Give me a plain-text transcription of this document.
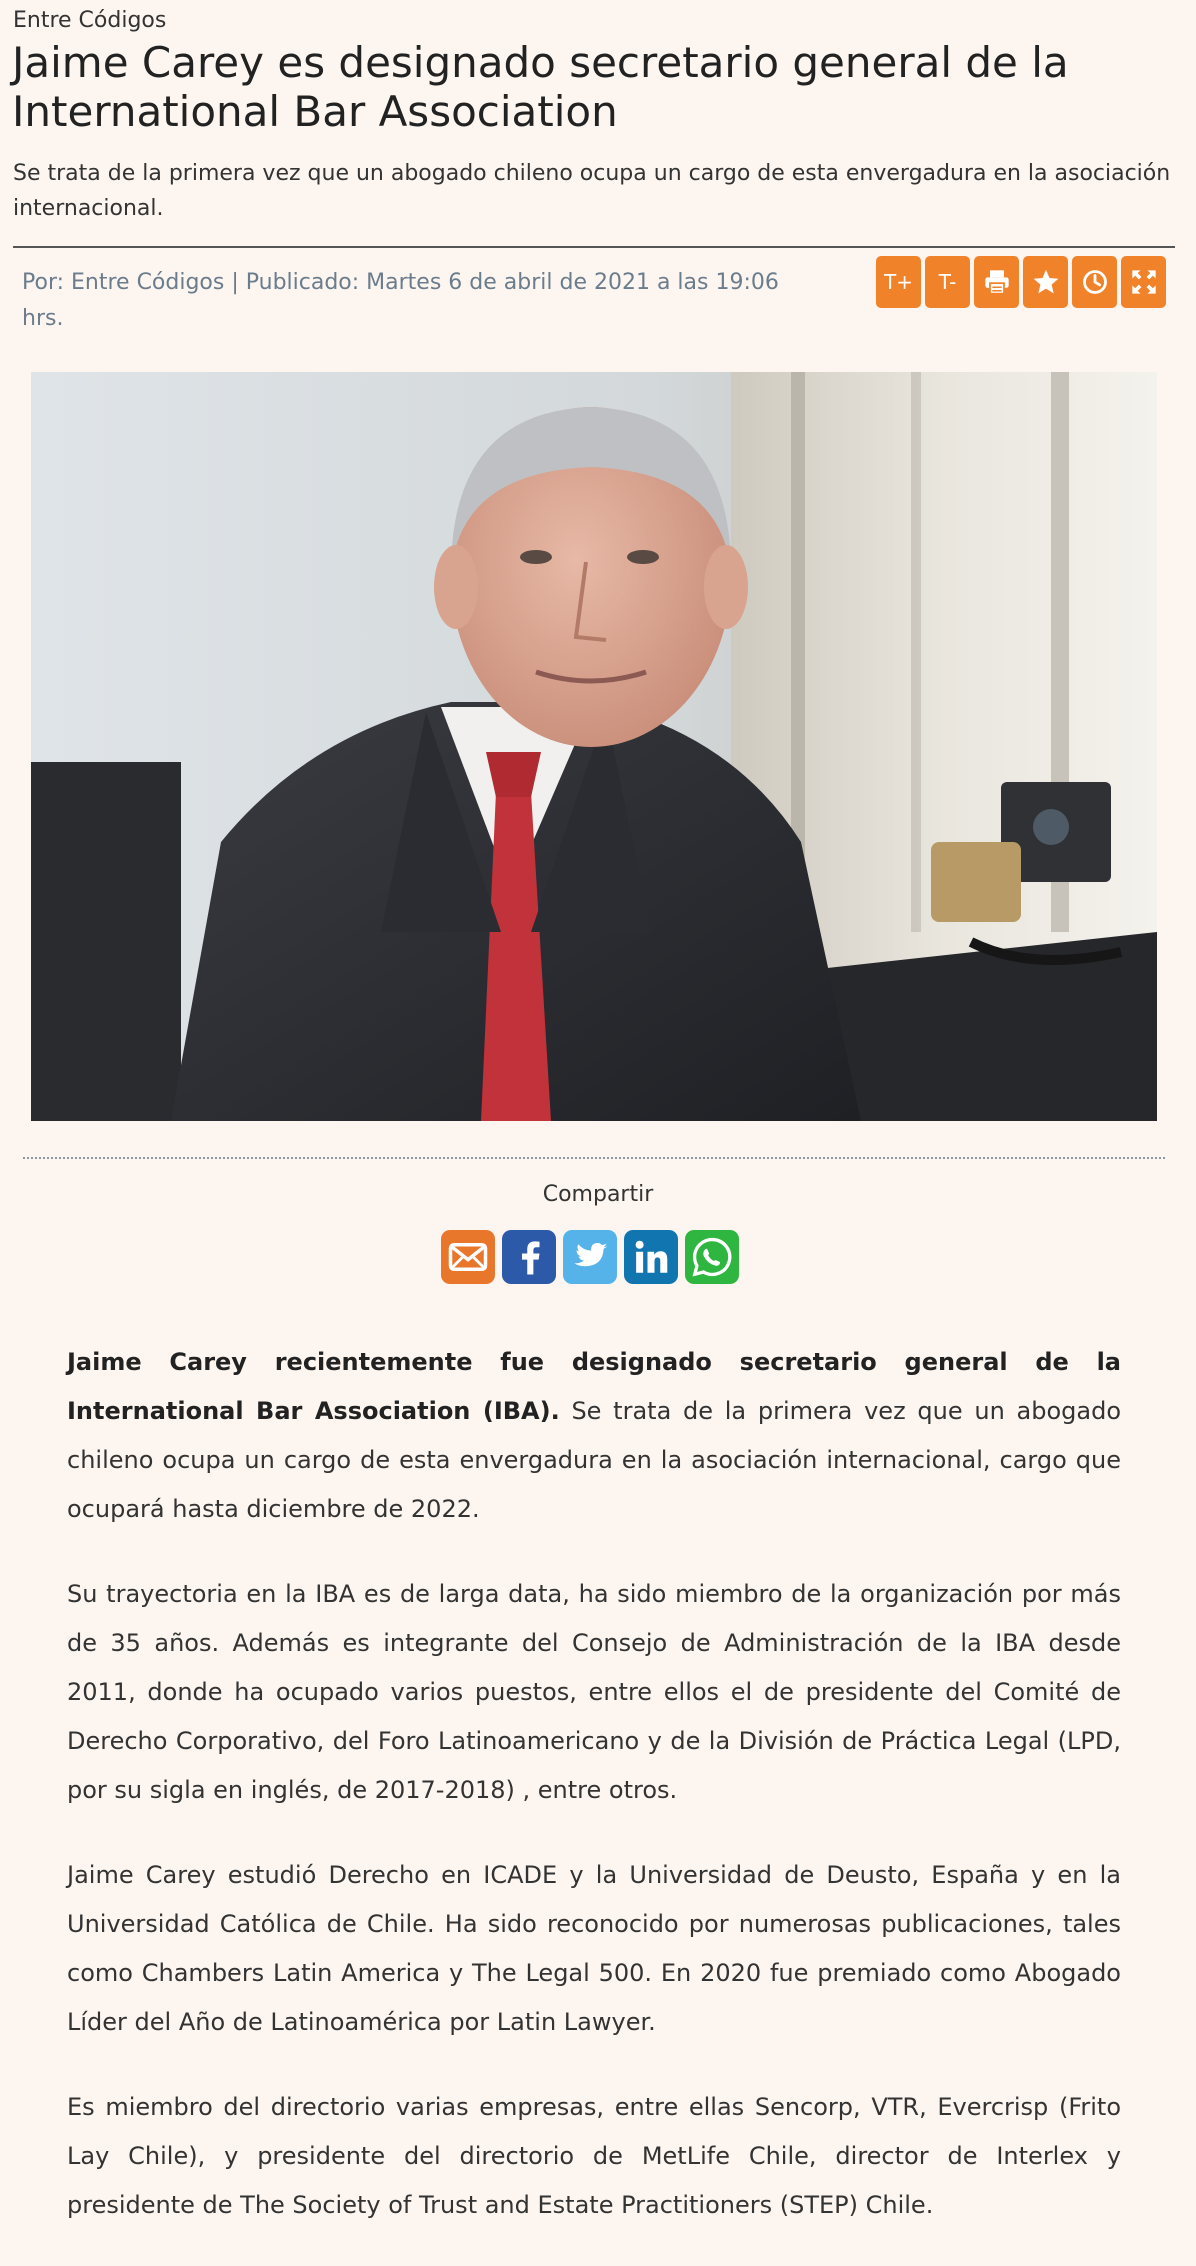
Entre Códigos
Jaime Carey es designado secretario general de la International Bar Association

Se trata de la primera vez que un abogado chileno ocupa un cargo de esta envergadura en la asociación internacional.

Por: Entre Códigos | Publicado: Martes 6 de abril de 2021 a las 19:06 hrs.
T+	T-
Compartir

Jaime Carey recientemente fue designado secretario general de la International Bar Association (IBA). Se trata de la primera vez que un abogado chileno ocupa un cargo de esta envergadura en la asociación internacional, cargo que ocupará hasta diciembre de 2022.

Su trayectoria en la IBA es de larga data, ha sido miembro de la organización por más de 35 años. Además es integrante del Consejo de Administración de la IBA desde 2011, donde ha ocupado varios puestos, entre ellos el de presidente del Comité de Derecho Corporativo, del Foro Latinoamericano y de la División de Práctica Legal (LPD, por su sigla en inglés, de 2017-2018) , entre otros.

Jaime Carey estudió Derecho en ICADE y la Universidad de Deusto, España y en la Universidad Católica de Chile. Ha sido reconocido por numerosas publicaciones, tales como Chambers Latin America y The Legal 500. En 2020 fue premiado como Abogado Líder del Año de Latinoamérica por Latin Lawyer.

Es miembro del directorio varias empresas, entre ellas Sencorp, VTR, Evercrisp (Frito Lay Chile), y presidente del directorio de MetLife Chile, director de Interlex y presidente de The Society of Trust and Estate Practitioners (STEP) Chile.
